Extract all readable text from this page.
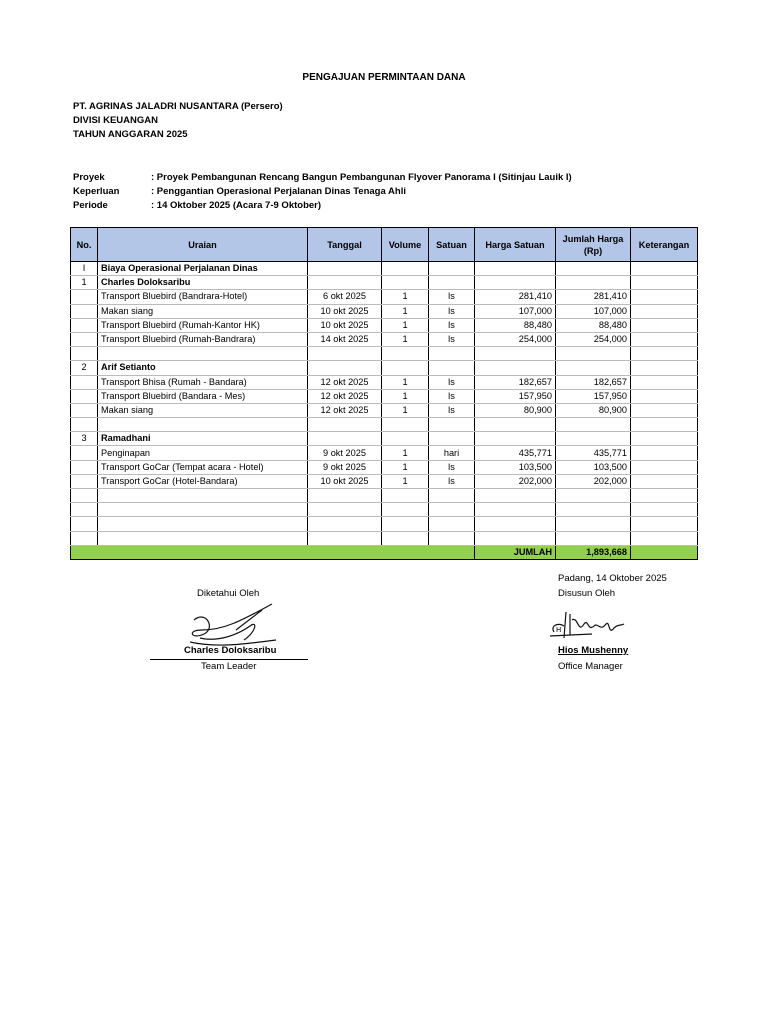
PENGAJUAN PERMINTAAN DANA
PT. AGRINAS JALADRI NUSANTARA (Persero)
DIVISI KEUANGAN
TAHUN ANGGARAN 2025
Proyek	: Proyek Pembangunan Rencang Bangun Pembangunan Flyover Panorama I (Sitinjau Lauik I)
Keperluan	: Penggantian Operasional Perjalanan Dinas Tenaga Ahli
Periode	: 14 Oktober 2025 (Acara 7-9 Oktober)
No.	Uraian	Tanggal	Volume	Satuan	Harga Satuan	Jumlah Harga (Rp)	Keterangan
I	Biaya Operasional Perjalanan Dinas						
1	Charles Doloksaribu						
	Transport Bluebird (Bandrara-Hotel)	6 okt 2025	1	ls	281,410	281,410	
	Makan siang	10 okt 2025	1	ls	107,000	107,000	
	Transport Bluebird (Rumah-Kantor HK)	10 okt 2025	1	ls	88,480	88,480	
	Transport Bluebird (Rumah-Bandrara)	14 okt 2025	1	ls	254,000	254,000	

2	Arif Setianto						
	Transport Bhisa (Rumah - Bandara)	12 okt 2025	1	ls	182,657	182,657	
	Transport Bluebird (Bandara - Mes)	12 okt 2025	1	ls	157,950	157,950	
	Makan siang	12 okt 2025	1	ls	80,900	80,900	

3	Ramadhani						
	Penginapan	9 okt 2025	1	hari	435,771	435,771	
	Transport GoCar (Tempat acara - Hotel)	9 okt 2025	1	ls	103,500	103,500	
	Transport GoCar (Hotel-Bandara)	10 okt 2025	1	ls	202,000	202,000	

					JUMLAH	1,893,668	
Padang, 14 Oktober 2025
Diketahui Oleh	Disusun Oleh
H
Charles Doloksaribu
Team Leader
Hios Mushenny
Office Manager
